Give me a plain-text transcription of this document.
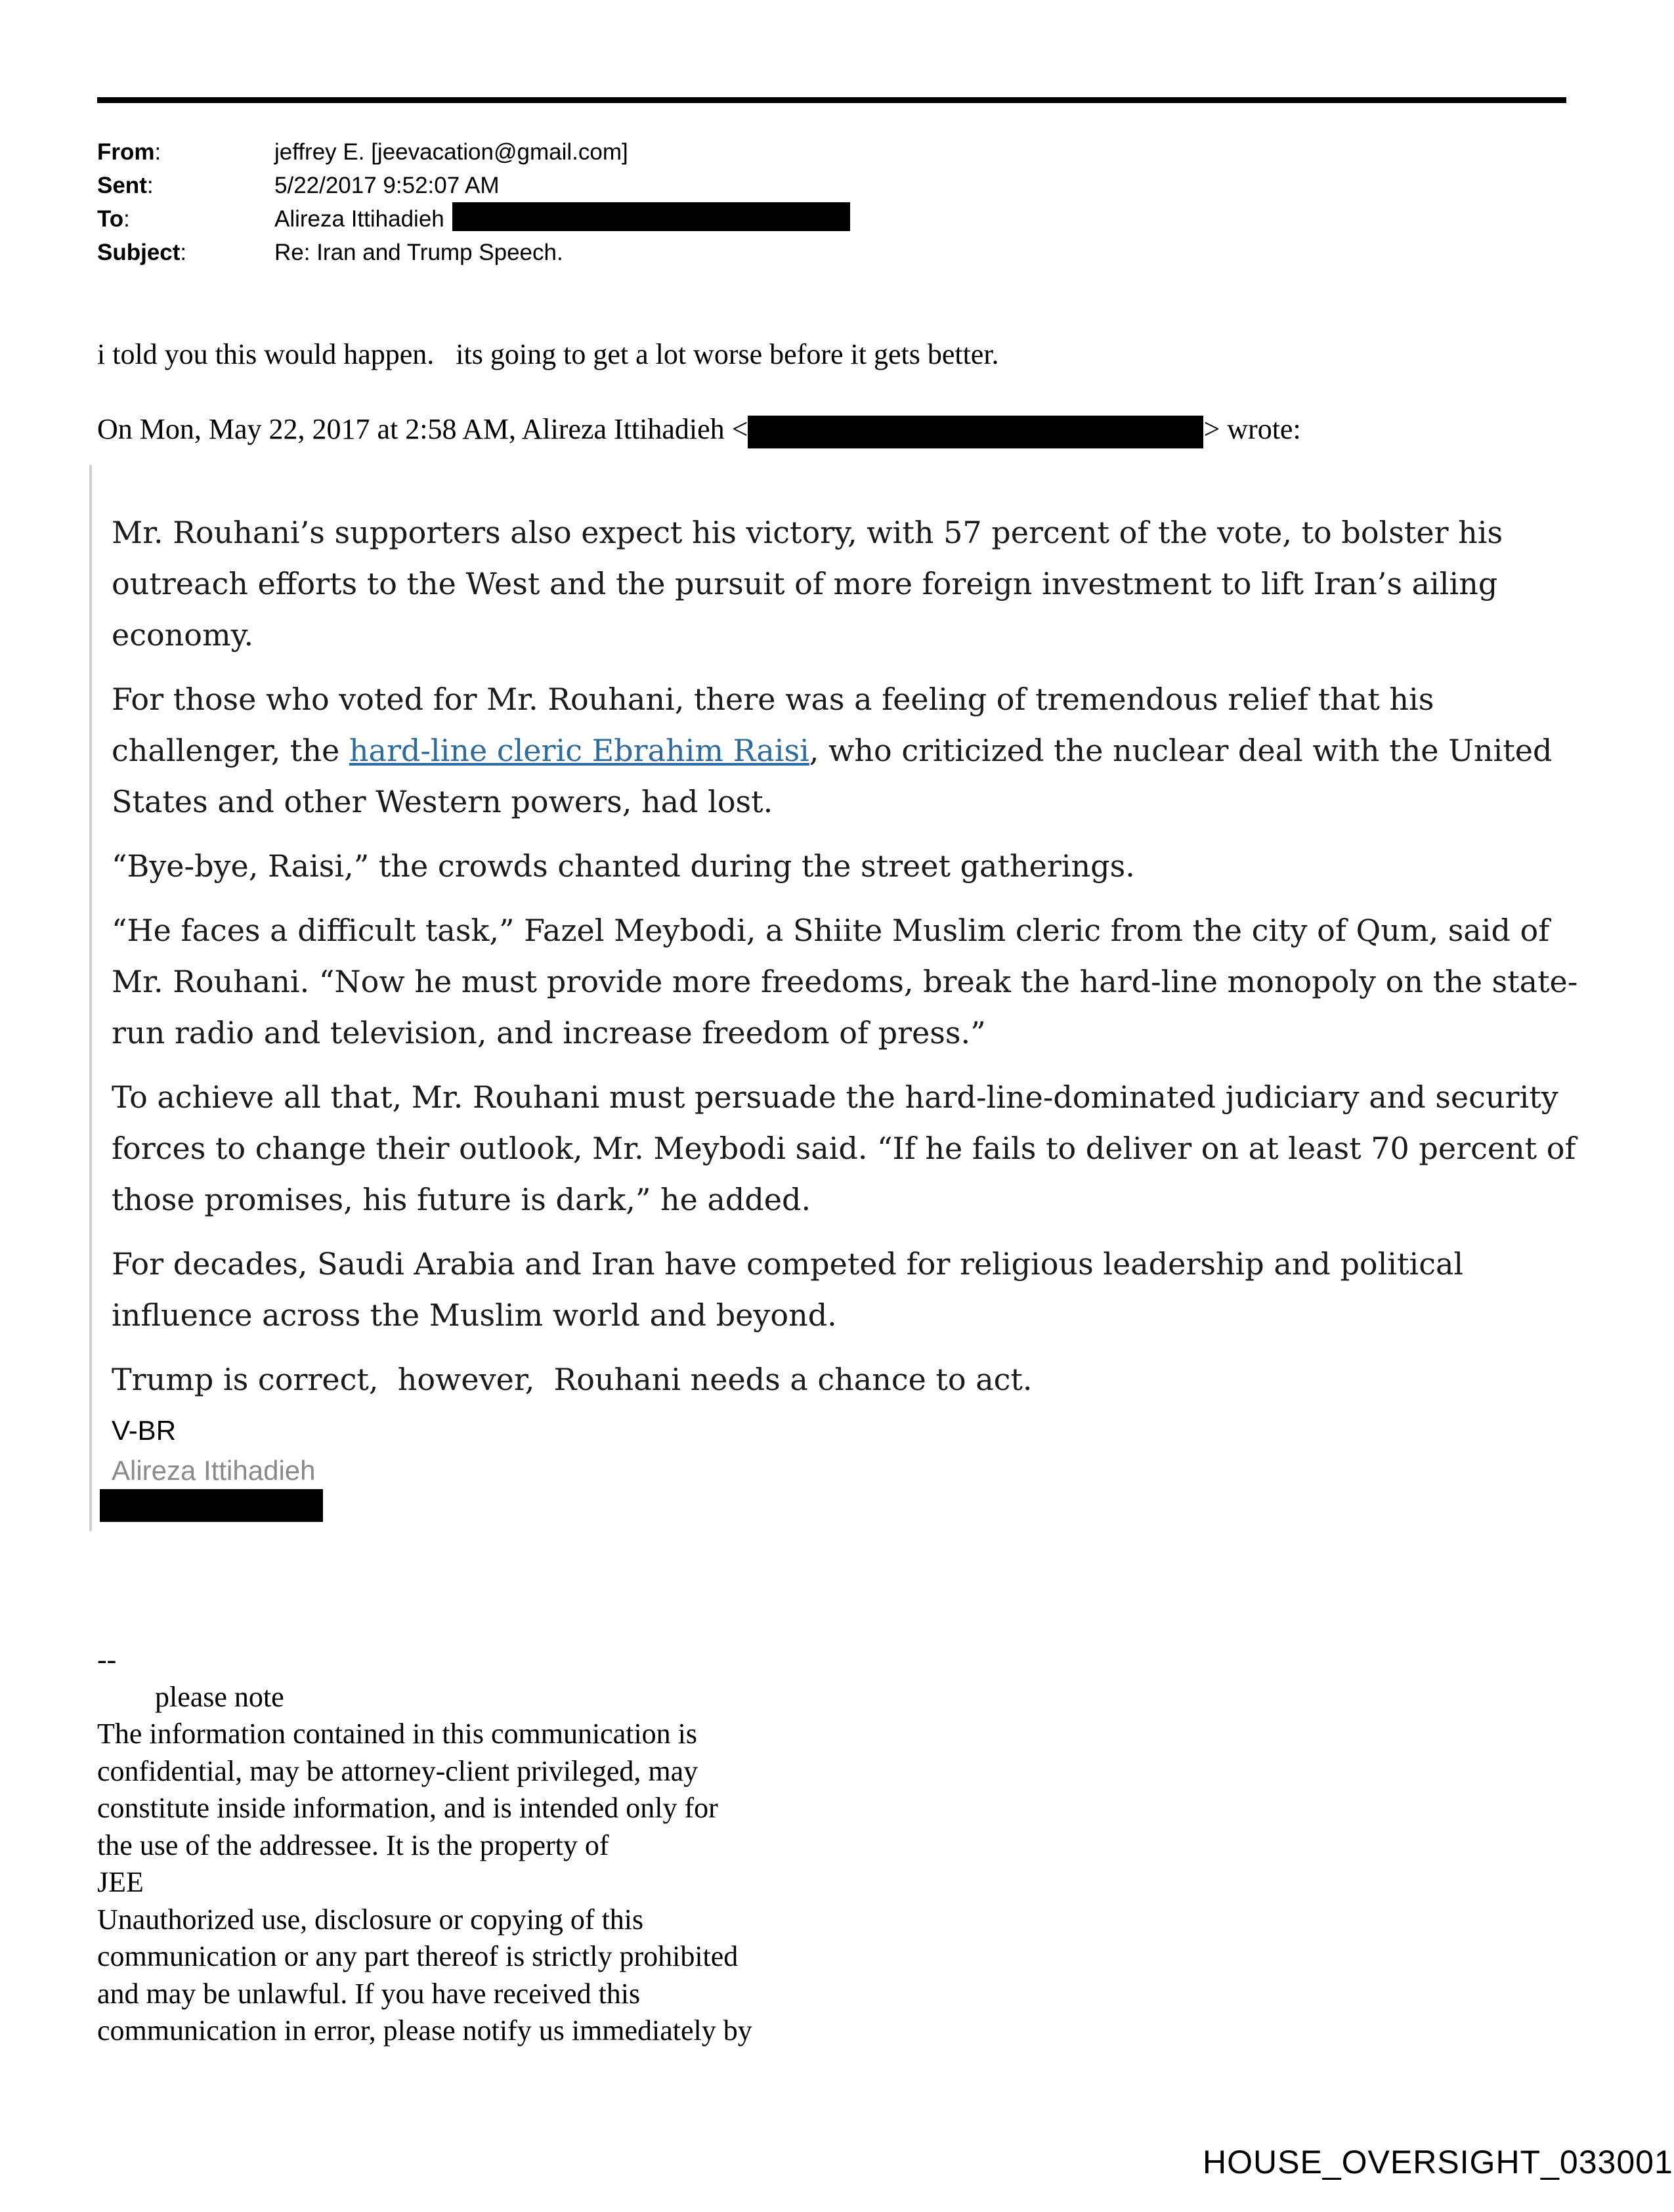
From:	jeffrey E. [jeevacation@gmail.com]
Sent:	5/22/2017 9:52:07 AM
To:	Alireza Ittihadieh
Subject:	Re: Iran and Trump Speech.
i told you this would happen.   its going to get a lot worse before it gets better.
On Mon, May 22, 2017 at 2:58 AM, Alireza Ittihadieh <	> wrote:

Mr. Rouhani’s supporters also expect his victory, with 57 percent of the vote, to bolster his outreach efforts to the West and the pursuit of more foreign investment to lift Iran’s ailing economy.

For those who voted for Mr. Rouhani, there was a feeling of tremendous relief that his challenger, the hard-line cleric Ebrahim Raisi, who criticized the nuclear deal with the United States and other Western powers, had lost.

“Bye-bye, Raisi,” the crowds chanted during the street gatherings.

“He faces a difficult task,” Fazel Meybodi, a Shiite Muslim cleric from the city of Qum, said of Mr. Rouhani. “Now he must provide more freedoms, break the hard-line monopoly on the state-run radio and television, and increase freedom of press.”

To achieve all that, Mr. Rouhani must persuade the hard-line-dominated judiciary and security forces to change their outlook, Mr. Meybodi said. “If he fails to deliver on at least 70 percent of those promises, his future is dark,” he added.

For decades, Saudi Arabia and Iran have competed for religious leadership and political influence across the Muslim world and beyond.

Trump is correct,  however,  Rouhani needs a chance to act.

V-BR
Alireza Ittihadieh
--
please note
The information contained in this communication is
confidential, may be attorney-client privileged, may
constitute inside information, and is intended only for
the use of the addressee. It is the property of
JEE
Unauthorized use, disclosure or copying of this
communication or any part thereof is strictly prohibited
and may be unlawful. If you have received this
communication in error, please notify us immediately by
HOUSE_OVERSIGHT_033001
